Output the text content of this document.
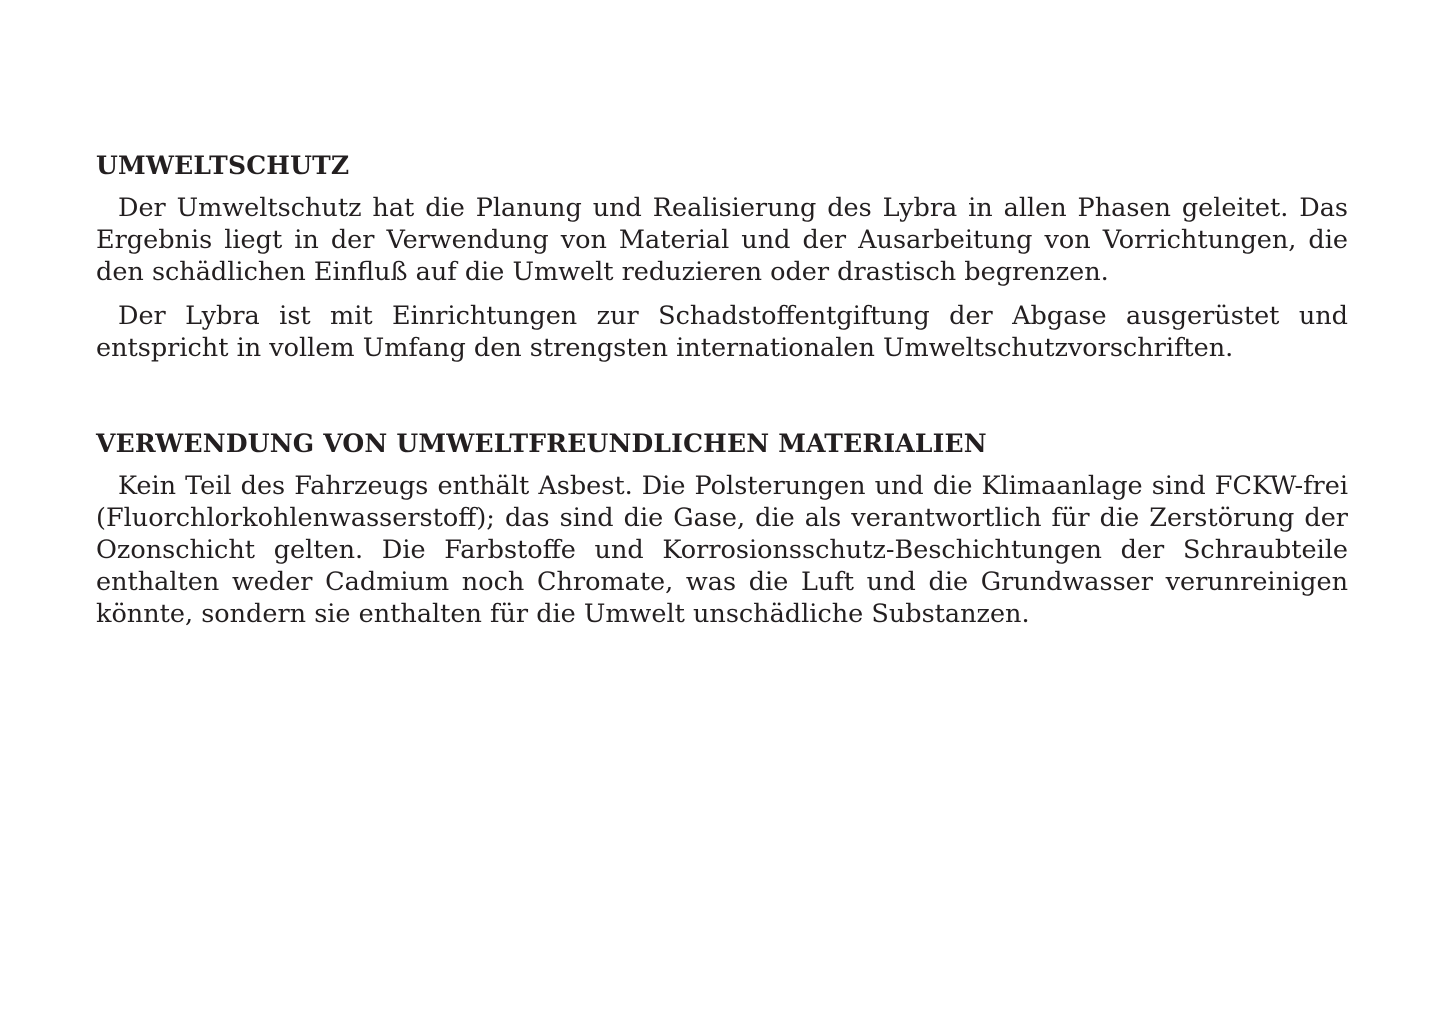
UMWELTSCHUTZ

Der Umweltschutz hat die Planung und Realisierung des Lybra in allen Phasen geleitet. Das Ergebnis liegt in der Verwendung von Material und der Ausarbeitung von Vorrichtungen, die den schädlichen Einfluß auf die Umwelt reduzieren oder drastisch begrenzen.

Der Lybra ist mit Einrichtungen zur Schadstoffentgiftung der Abgase ausgerüstet und entspricht in vollem Umfang den strengsten internationalen Umweltschutzvorschriften.

VERWENDUNG VON UMWELTFREUNDLICHEN MATERIALIEN

Kein Teil des Fahrzeugs enthält Asbest. Die Polsterungen und die Klimaanlage sind FCKW-frei (Fluorchlorkohlenwasserstoff); das sind die Gase, die als verantwortlich für die Zerstörung der Ozonschicht gelten. Die Farbstoffe und Korrosionsschutz-Beschichtungen der Schraubteile enthalten weder Cadmium noch Chromate, was die Luft und die Grundwasser verunreinigen könnte, sondern sie enthalten für die Umwelt unschädliche Substanzen.
